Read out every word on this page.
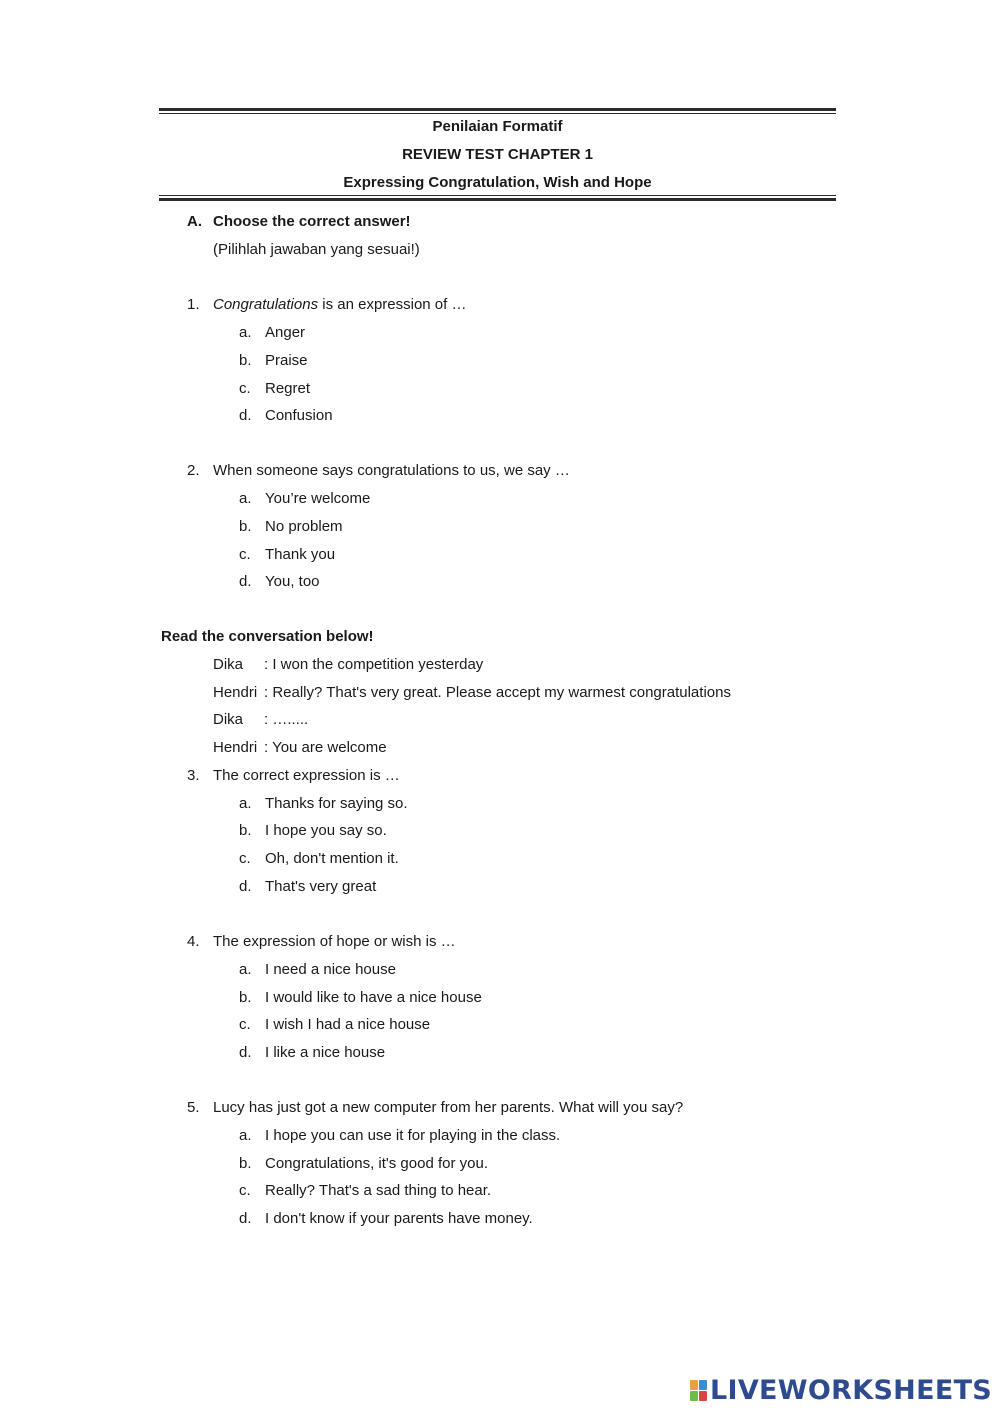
Penilaian Formatif
REVIEW TEST CHAPTER 1
Expressing Congratulation, Wish and Hope
A. Choose the correct answer!
(Pilihlah jawaban yang sesuai!)
1. Congratulations is an expression of …
a. Anger
b. Praise
c. Regret
d. Confusion
2. When someone says congratulations to us, we say …
a. You’re welcome
b. No problem
c. Thank you
d. You, too
Read the conversation below!
Dika : I won the competition yesterday
Hendri : Really? That's very great. Please accept my warmest congratulations
Dika : ….....
Hendri : You are welcome
3. The correct expression is …
a. Thanks for saying so.
b. I hope you say so.
c. Oh, don't mention it.
d. That's very great
4. The expression of hope or wish is …
a. I need a nice house
b. I would like to have a nice house
c. I wish I had a nice house
d. I like a nice house
5. Lucy has just got a new computer from her parents. What will you say?
a. I hope you can use it for playing in the class.
b. Congratulations, it's good for you.
c. Really? That's a sad thing to hear.
d. I don't know if your parents have money.
LIVEWORKSHEETS
